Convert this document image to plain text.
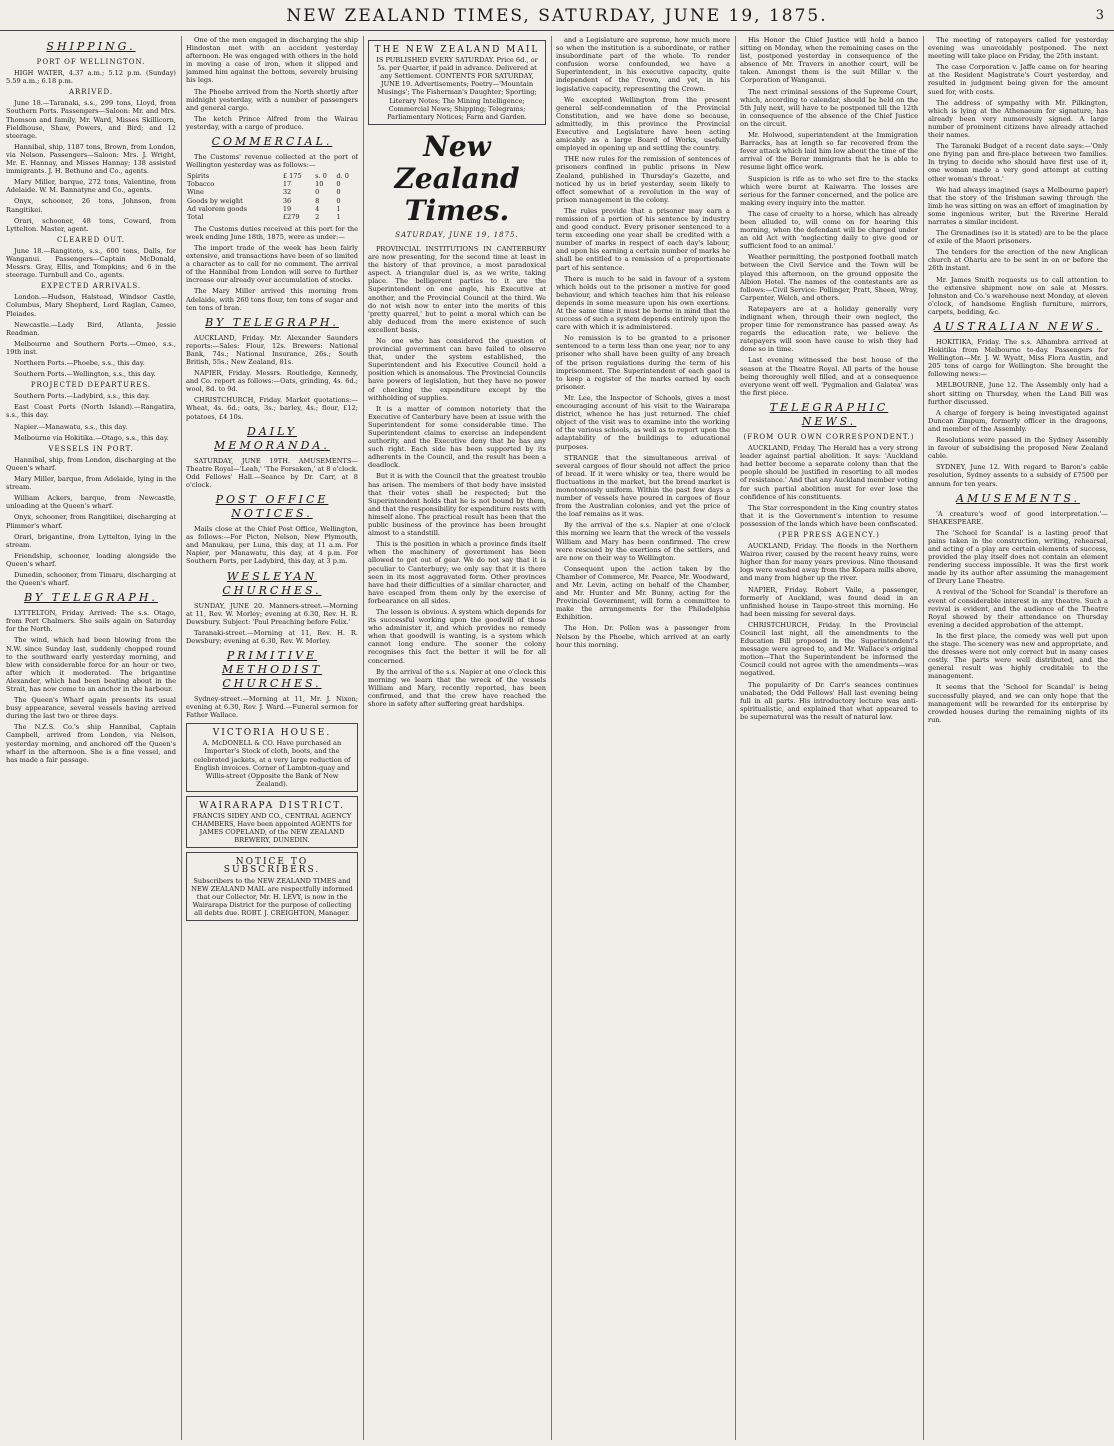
NEW ZEALAND TIMES, SATURDAY, JUNE 19, 1875.	3
SHIPPING.
PORT OF WELLINGTON.

HIGH WATER, 4.37 a.m.; 5.12 p.m. (Sunday) 5.59 a.m.; 6.18 p.m.

ARRIVED.

June 18.—Taranaki, s.s., 299 tons, Lloyd, from Southern Ports. Passengers—Saloon: Mr. and Mrs. Thomson and family, Mr. Ward, Misses Skillicorn, Fieldhouse, Shaw, Powers, and Bird; and 12 steerage.

Hannibal, ship, 1187 tons, Brown, from London, via Nelson. Passengers—Saloon: Mrs. J. Wright, Mr. E. Hannay, and Misses Hannay; 138 assisted immigrants. J. H. Bethune and Co., agents.

Mary Miller, barque, 272 tons, Valentine, from Adelaide. W. M. Bannatyne and Co., agents.

Onyx, schooner, 26 tons, Johnson, from Rangitikei.

Orari, schooner, 48 tons, Coward, from Lyttelton. Master, agent.

CLEARED OUT.

June 18.—Rangitoto, s.s., 600 tons, Dalls, for Wanganui. Passengers—Captain McDonald, Messrs. Gray, Ellis, and Tompkins; and 6 in the steerage. Turnbull and Co., agents.

EXPECTED ARRIVALS.

London.—Hudson, Halstead, Windsor Castle, Columbus, Mary Shepherd, Lord Raglan, Cameo, Pleiades.

Newcastle.—Lady Bird, Atlanta, Jessie Readman.

Melbourne and Southern Ports.—Omeo, s.s., 19th inst.

Northern Ports.—Phoebe, s.s., this day.

Southern Ports.—Wellington, s.s., this day.

PROJECTED DEPARTURES.

Southern Ports.—Ladybird, s.s., this day.

East Coast Ports (North Island).—Rangatira, s.s., this day.

Napier.—Manawatu, s.s., this day.

Melbourne via Hokitika.—Otago, s.s., this day.

VESSELS IN PORT.

Hannibal, ship, from London, discharging at the Queen's wharf.

Mary Miller, barque, from Adelaide, lying in the stream.

William Ackers, barque, from Newcastle, unloading at the Queen's wharf.

Onyx, schooner, from Rangitikei, discharging at Plimmer's wharf.

Orari, brigantine, from Lyttelton, lying in the stream.

Friendship, schooner, loading alongside the Queen's wharf.

Dunedin, schooner, from Timaru, discharging at the Queen's wharf.

BY TELEGRAPH.

LYTTELTON, Friday. Arrived: The s.s. Otago, from Port Chalmers. She sails again on Saturday for the North.

The wind, which had been blowing from the N.W. since Sunday last, suddenly chopped round to the southward early yesterday morning, and blew with considerable force for an hour or two, after which it moderated. The brigantine Alexander, which had been beating about in the Strait, has now come to an anchor in the harbour.

The Queen's Wharf again presents its usual busy appearance, several vessels having arrived during the last two or three days.

The N.Z.S. Co.'s ship Hannibal, Captain Campbell, arrived from London, via Nelson, yesterday morning, and anchored off the Queen's wharf in the afternoon. She is a fine vessel, and has made a fair passage.

One of the men engaged in discharging the ship Hindostan met with an accident yesterday afternoon. He was engaged with others in the hold in moving a case of iron, when it slipped and jammed him against the bottom, severely bruising his legs.

The Phoebe arrived from the North shortly after midnight yesterday, with a number of passengers and general cargo.

The ketch Prince Alfred from the Wairau yesterday, with a cargo of produce.

COMMERCIAL.

The Customs' revenue collected at the port of Wellington yesterday was as follows:—

Spirits	£ 175	s. 0	d. 0
Tobacco	17	10	0
Wine	32	0	0
Goods by weight	36	8	0
Ad valorem goods	19	4	1
Total	£279	2	1

The Customs duties received at this port for the week ending June 18th, 1875, were as under:—

The import trade of the week has been fairly extensive, and transactions have been of so limited a character as to call for no comment. The arrival of the Hannibal from London will serve to further increase our already over accumulation of stocks.

The Mary Miller arrived this morning from Adelaide, with 260 tons flour, ten tons of sugar and ten tons of bran.

BY TELEGRAPH.

AUCKLAND, Friday. Mr. Alexander Saunders reports:—Sales: Flour, 12s. Brewers: National Bank, 74s.; National Insurance, 26s.; South British, 55s.; New Zealand, 81s.

NAPIER, Friday. Messrs. Routledge, Kennedy, and Co. report as follows:—Oats, grinding, 4s. 6d.; wool, 8d. to 9d.

CHRISTCHURCH, Friday. Market quotations:—Wheat, 4s. 6d.; oats, 3s.; barley, 4s.; flour, £12; potatoes, £4 10s.

DAILY MEMORANDA.

SATURDAY, JUNE 19TH. AMUSEMENTS—Theatre Royal—'Leah,' 'The Forsaken,' at 8 o'clock. Odd Fellows' Hall.—Seance by Dr. Carr, at 8 o'clock.

POST OFFICE NOTICES.

Mails close at the Chief Post Office, Wellington, as follows:—For Picton, Nelson, New Plymouth, and Manukau, per Luna, this day, at 11 a.m. For Napier, per Manawatu, this day, at 4 p.m. For Southern Ports, per Ladybird, this day, at 3 p.m.

WESLEYAN CHURCHES.

SUNDAY, JUNE 20. Manners-street.—Morning at 11, Rev. W. Morley; evening at 6.30, Rev. H. R. Dewsbury. Subject: 'Paul Preaching before Felix.'

Taranaki-street.—Morning at 11, Rev. H. R. Dewsbury; evening at 6.30, Rev. W. Morley.

PRIMITIVE METHODIST CHURCHES.

Sydney-street.—Morning at 11, Mr. J. Nixon; evening at 6.30, Rev. J. Ward.—Funeral sermon for Father Wallace.

VICTORIA HOUSE.
A. McDONELL & CO. Have purchased an Importer's Stock of cloth, boots, and the celebrated jackets, at a very large reduction of English invoices. Corner of Lambton-quay and Willis-street (Opposite the Bank of New Zealand).
WAIRARAPA DISTRICT.
FRANCIS SIDEY AND CO., CENTRAL AGENCY CHAMBERS, Have been appointed AGENTS for JAMES COPELAND, of the NEW ZEALAND BREWERY, DUNEDIN.
NOTICE TO SUBSCRIBERS.
Subscribers to the NEW ZEALAND TIMES and NEW ZEALAND MAIL are respectfully informed that our Collector, Mr. H. LEVY, is now in the Wairarapa District for the purpose of collecting all debts due. ROBT. J. CREIGHTON, Manager.
THE NEW ZEALAND MAIL
IS PUBLISHED EVERY SATURDAY. Price 6d., or 5s. per Quarter, if paid in advance. Delivered at any Settlement. CONTENTS FOR SATURDAY, JUNE 19. Advertisements; Poetry—'Mountain Musings'; The Fisherman's Daughter; Sporting; Literary Notes; The Mining Intelligence; Commercial News; Shipping; Telegrams; Parliamentary Notices; Farm and Garden.
New Zealand Times.
SATURDAY, JUNE 19, 1875.

PROVINCIAL INSTITUTIONS IN CANTERBURY are now presenting, for the second time at least in the history of that province, a most paradoxical aspect. A triangular duel is, as we write, taking place. The belligerent parties to it are the Superintendent on one angle, his Executive at another, and the Provincial Council at the third. We do not wish now to enter into the merits of this 'pretty quarrel,' but to point a moral which can be ably deduced from the mere existence of such excellent basis.

No one who has considered the question of provincial government can have failed to observe that, under the system established, the Superintendent and his Executive Council hold a position which is anomalous. The Provincial Councils have powers of legislation, but they have no power of checking the expenditure except by the withholding of supplies.

It is a matter of common notoriety that the Executive of Canterbury have been at issue with the Superintendent for some considerable time. The Superintendent claims to exercise an independent authority, and the Executive deny that he has any such right. Each side has been supported by its adherents in the Council, and the result has been a deadlock.

But it is with the Council that the greatest trouble has arisen. The members of that body have insisted that their votes shall be respected; but the Superintendent holds that he is not bound by them, and that the responsibility for expenditure rests with himself alone. The practical result has been that the public business of the province has been brought almost to a standstill.

This is the position in which a province finds itself when the machinery of government has been allowed to get out of gear. We do not say that it is peculiar to Canterbury; we only say that it is there seen in its most aggravated form. Other provinces have had their difficulties of a similar character, and have escaped from them only by the exercise of forbearance on all sides.

The lesson is obvious. A system which depends for its successful working upon the goodwill of those who administer it, and which provides no remedy when that goodwill is wanting, is a system which cannot long endure. The sooner the colony recognises this fact the better it will be for all concerned.

By the arrival of the s.s. Napier at one o'clock this morning we learn that the wreck of the vessels William and Mary, recently reported, has been confirmed, and that the crew have reached the shore in safety after suffering great hardships.

and a Legislature are supreme, how much more so when the institution is a subordinate, or rather insubordinate part of the whole. To render confusion worse confounded, we have a Superintendent, in his executive capacity, quite independent of the Crown, and yet, in his legislative capacity, representing the Crown.

We excepted Wellington from the present general self-condemnation of the Provincial Constitution, and we have done so because, admittedly, in this province the Provincial Executive and Legislature have been acting amicably as a large Board of Works, usefully employed in opening up and settling the country.

THE new rules for the remission of sentences of prisoners confined in public prisons in New Zealand, published in Thursday's Gazette, and noticed by us in brief yesterday, seem likely to effect somewhat of a revolution in the way of prison management in the colony.

The rules provide that a prisoner may earn a remission of a portion of his sentence by industry and good conduct. Every prisoner sentenced to a term exceeding one year shall be credited with a number of marks in respect of each day's labour, and upon his earning a certain number of marks he shall be entitled to a remission of a proportionate part of his sentence.

There is much to be said in favour of a system which holds out to the prisoner a motive for good behaviour, and which teaches him that his release depends in some measure upon his own exertions. At the same time it must be borne in mind that the success of such a system depends entirely upon the care with which it is administered.

No remission is to be granted to a prisoner sentenced to a term less than one year, nor to any prisoner who shall have been guilty of any breach of the prison regulations during the term of his imprisonment. The Superintendent of each gaol is to keep a register of the marks earned by each prisoner.

Mr. Lee, the Inspector of Schools, gives a most encouraging account of his visit to the Wairarapa district, whence he has just returned. The chief object of the visit was to examine into the working of the various schools, as well as to report upon the adaptability of the buildings to educational purposes.

STRANGE that the simultaneous arrival of several cargoes of flour should not affect the price of bread. If it were whisky or tea, there would be fluctuations in the market, but the bread market is monotonously uniform. Within the past few days a number of vessels have poured in cargoes of flour from the Australian colonies, and yet the price of the loaf remains as it was.

By the arrival of the s.s. Napier at one o'clock this morning we learn that the wreck of the vessels William and Mary has been confirmed. The crew were rescued by the exertions of the settlers, and are now on their way to Wellington.

Consequent upon the action taken by the Chamber of Commerce, Mr. Pearce, Mr. Woodward, and Mr. Levin, acting on behalf of the Chamber, and Mr. Hunter and Mr. Bunny, acting for the Provincial Government, will form a committee to make the arrangements for the Philadelphia Exhibition.

The Hon. Dr. Pollen was a passenger from Nelson by the Phoebe, which arrived at an early hour this morning.

His Honor the Chief Justice will hold a banco sitting on Monday, when the remaining cases on the list, postponed yesterday in consequence of the absence of Mr. Travers in another court, will be taken. Amongst them is the suit Millar v. the Corporation of Wanganui.

The next criminal sessions of the Supreme Court, which, according to calendar, should be held on the 5th July next, will have to be postponed till the 12th in consequence of the absence of the Chief Justice on the circuit.

Mr. Holwood, superintendent at the Immigration Barracks, has at length so far recovered from the fever attack which laid him low about the time of the arrival of the Berar immigrants that he is able to resume light office work.

Suspicion is rife as to who set fire to the stacks which were burnt at Kaiwarra. The losses are serious for the farmer concerned, and the police are making every inquiry into the matter.

The case of cruelty to a horse, which has already been alluded to, will come on for hearing this morning, when the defendant will be charged under an old Act with 'neglecting daily to give good or sufficient food to an animal.'

Weather permitting, the postponed football match between the Civil Service and the Town will be played this afternoon, on the ground opposite the Albion Hotel. The names of the contestants are as follows:—Civil Service: Pollinger, Pratt, Sheen, Wray, Carpenter, Welch, and others.

Ratepayers are at a holiday generally very indignant when, through their own neglect, the proper time for remonstrance has passed away. As regards the education rate, we believe the ratepayers will soon have cause to wish they had done so in time.

Last evening witnessed the best house of the season at the Theatre Royal. All parts of the house being thoroughly well filled, and at a consequence everyone went off well. 'Pygmalion and Galatea' was the first piece.

TELEGRAPHIC NEWS.
(FROM OUR OWN CORRESPONDENT.)

AUCKLAND, Friday. The Herald has a very strong leader against partial abolition. It says: 'Auckland had better become a separate colony than that the people should be justified in resorting to all modes of resistance.' And that any Auckland member voting for such partial abolition must for ever lose the confidence of his constituents.

The Star correspondent in the King country states that it is the Government's intention to resume possession of the lands which have been confiscated.

(PER PRESS AGENCY.)

AUCKLAND, Friday. The floods in the Northern Wairoa river, caused by the recent heavy rains, were higher than for many years previous. Nine thousand logs were washed away from the Kopara mills above, and many from higher up the river.

NAPIER, Friday. Robert Vaile, a passenger, formerly of Auckland, was found dead in an unfinished house in Taupo-street this morning. He had been missing for several days.

CHRISTCHURCH, Friday. In the Provincial Council last night, all the amendments to the Education Bill proposed in the Superintendent's message were agreed to, and Mr. Wallace's original motion—That the Superintendent be informed the Council could not agree with the amendments—was negatived.

The popularity of Dr. Carr's seances continues unabated; the Odd Fellows' Hall last evening being full in all parts. His introductory lecture was anti-spiritualistic, and explained that what appeared to be supernatural was the result of natural law.

The meeting of ratepayers called for yesterday evening was unavoidably postponed. The next meeting will take place on Friday, the 25th instant.

The case Corporation v. Jaffe came on for hearing at the Resident Magistrate's Court yesterday, and resulted in judgment being given for the amount sued for, with costs.

The address of sympathy with Mr. Pilkington, which is lying at the Athenaeum for signature, has already been very numerously signed. A large number of prominent citizens have already attached their names.

The Taranaki Budget of a recent date says:—'Only one frying pan and fire-place between two families. In trying to decide who should have first use of it, one woman made a very good attempt at cutting other woman's throat.'

We had always imagined (says a Melbourne paper) that the story of the Irishman sawing through the limb he was sitting on was an effort of imagination by some ingenious writer, but the Riverine Herald narrates a similar incident.

The Grenadines (so it is stated) are to be the place of exile of the Maori prisoners.

The tenders for the erection of the new Anglican church at Ohariu are to be sent in on or before the 26th instant.

Mr. James Smith requests us to call attention to the extensive shipment now on sale at Messrs. Johnston and Co.'s warehouse next Monday, at eleven o'clock, of handsome English furniture, mirrors, carpets, bedding, &c.

AUSTRALIAN NEWS.

HOKITIKA, Friday. The s.s. Alhambra arrived at Hokitika from Melbourne to-day. Passengers for Wellington—Mr. J. W. Wyatt, Miss Flora Austin, and 205 tons of cargo for Wellington. She brought the following news:—

MELBOURNE, June 12. The Assembly only had a short sitting on Thursday, when the Land Bill was further discussed.

A charge of forgery is being investigated against Duncan Zimpum, formerly officer in the dragoons, and member of the Assembly.

Resolutions were passed in the Sydney Assembly in favour of subsidising the proposed New Zealand cable.

SYDNEY, June 12. With regard to Baron's cable resolution, Sydney assents to a subsidy of £7500 per annum for ten years.

AMUSEMENTS.

'A creature's woof of good interpretation.'—SHAKESPEARE.

The 'School for Scandal' is a lasting proof that pains taken in the construction, writing, rehearsal, and acting of a play are certain elements of success, provided the play itself does not contain an element rendering success impossible. It was the first work made by its author after assuming the management of Drury Lane Theatre.

A revival of the 'School for Scandal' is therefore an event of considerable interest in any theatre. Such a revival is evident, and the audience of the Theatre Royal showed by their attendance on Thursday evening a decided approbation of the attempt.

In the first place, the comedy was well put upon the stage. The scenery was new and appropriate, and the dresses were not only correct but in many cases costly. The parts were well distributed, and the general result was highly creditable to the management.

It seems that the 'School for Scandal' is being successfully played, and we can only hope that the management will be rewarded for its enterprise by crowded houses during the remaining nights of its run.
